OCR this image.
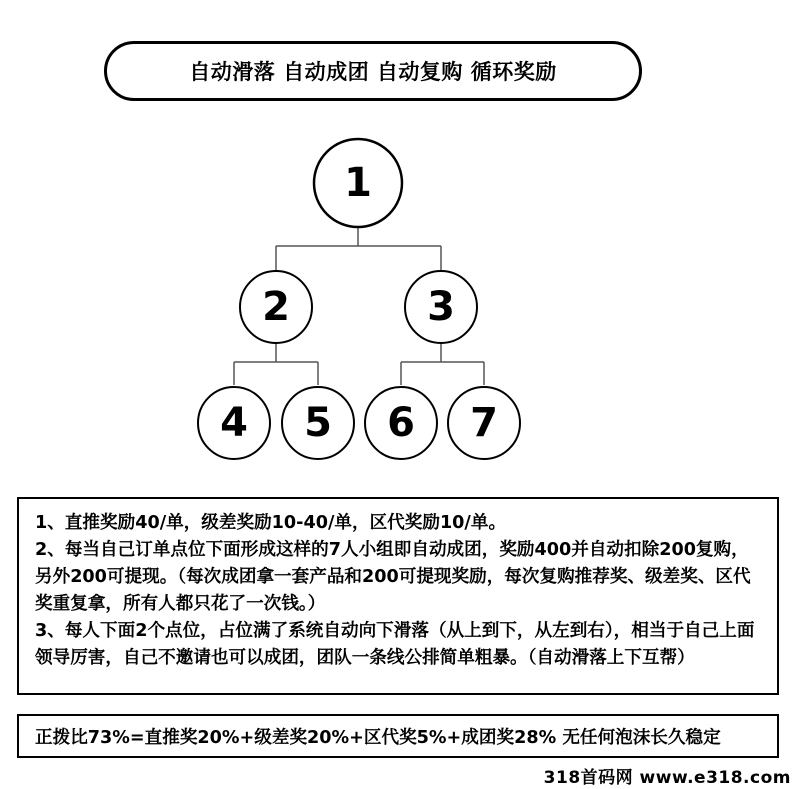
自动滑落 自动成团 自动复购 循环奖励
1
2	3
4 5 6 7

1、直推奖励40/单，级差奖励10-40/单，区代奖励10/单。

2、每当自己订单点位下面形成这样的7人小组即自动成团，奖励400并自动扣除200复购，另外200可提现。（每次成团拿一套产品和200可提现奖励，每次复购推荐奖、级差奖、区代奖重复拿，所有人都只花了一次钱。）

3、每人下面2个点位，占位满了系统自动向下滑落（从上到下，从左到右），相当于自己上面领导厉害，自己不邀请也可以成团，团队一条线公排简单粗暴。（自动滑落上下互帮）

正拨比73%=直推奖20%+级差奖20%+区代奖5%+成团奖28% 无任何泡沫长久稳定
318首码网 www.e318.com
